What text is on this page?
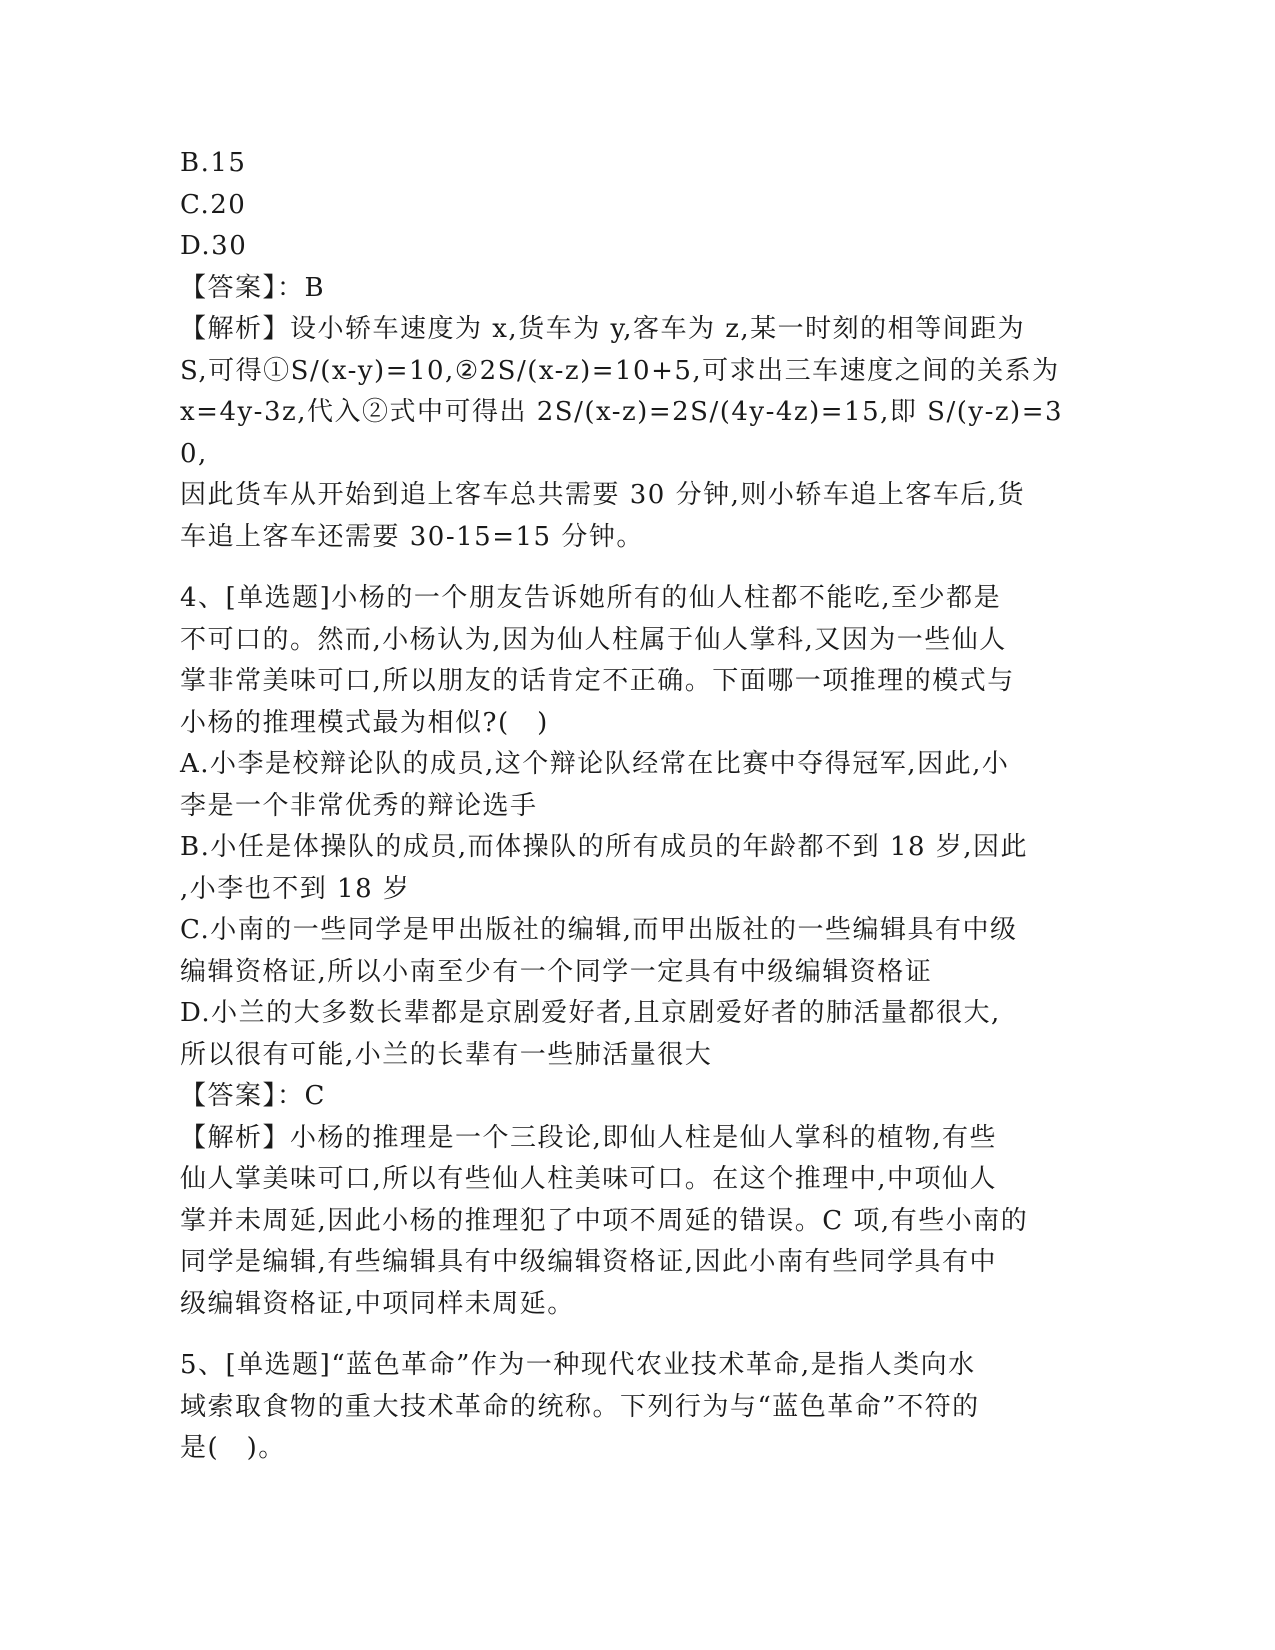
B.15
C.20
D.30
【答案】：B
【解析】设小轿车速度为 x,货车为 y,客车为 z,某一时刻的相等间距为
S,可得①S/(x-y)=10,②2S/(x-z)=10+5,可求出三车速度之间的关系为
x=4y-3z,代入②式中可得出 2S/(x-z)=2S/(4y-4z)=15,即 S/(y-z)=30,
因此货车从开始到追上客车总共需要 30 分钟,则小轿车追上客车后,货
车追上客车还需要 30-15=15 分钟。
4、[单选题]小杨的一个朋友告诉她所有的仙人柱都不能吃,至少都是
不可口的。然而,小杨认为,因为仙人柱属于仙人掌科,又因为一些仙人
掌非常美味可口,所以朋友的话肯定不正确。下面哪一项推理的模式与
小杨的推理模式最为相似?(　)
A.小李是校辩论队的成员,这个辩论队经常在比赛中夺得冠军,因此,小
李是一个非常优秀的辩论选手
B.小任是体操队的成员,而体操队的所有成员的年龄都不到 18 岁,因此
,小李也不到 18 岁
C.小南的一些同学是甲出版社的编辑,而甲出版社的一些编辑具有中级
编辑资格证,所以小南至少有一个同学一定具有中级编辑资格证
D.小兰的大多数长辈都是京剧爱好者,且京剧爱好者的肺活量都很大,
所以很有可能,小兰的长辈有一些肺活量很大
【答案】：C
【解析】小杨的推理是一个三段论,即仙人柱是仙人掌科的植物,有些
仙人掌美味可口,所以有些仙人柱美味可口。在这个推理中,中项仙人
掌并未周延,因此小杨的推理犯了中项不周延的错误。C 项,有些小南的
同学是编辑,有些编辑具有中级编辑资格证,因此小南有些同学具有中
级编辑资格证,中项同样未周延。
5、[单选题]“蓝色革命”作为一种现代农业技术革命,是指人类向水
域索取食物的重大技术革命的统称。下列行为与“蓝色革命”不符的
是(　)。
